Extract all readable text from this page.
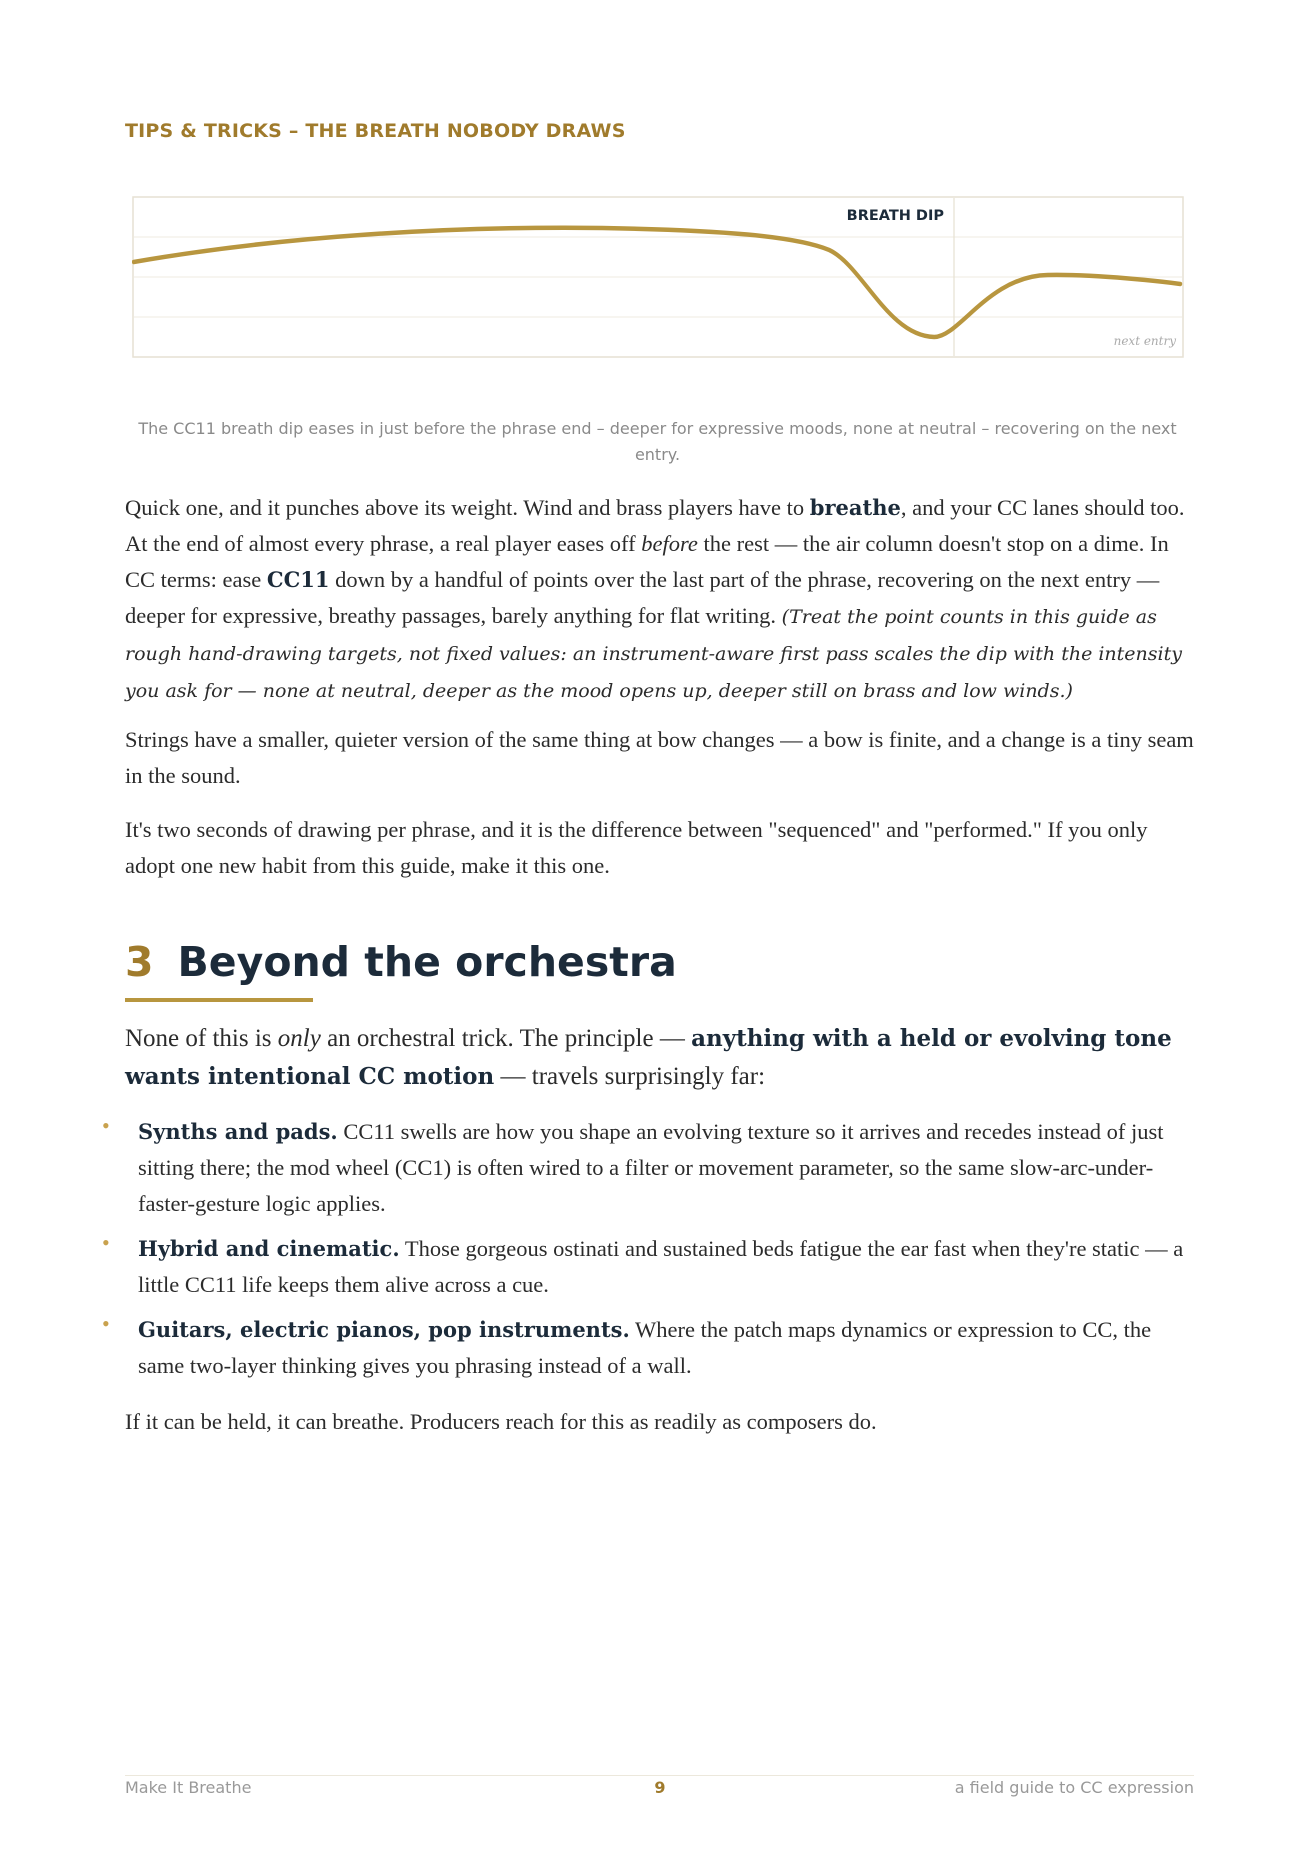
TIPS & TRICKS – THE BREATH NOBODY DRAWS
BREATH DIP
next entry
The CC11 breath dip eases in just before the phrase end – deeper for expressive moods, none at neutral – recovering on the next entry.
Quick one, and it punches above its weight. Wind and brass players have to breathe, and your CC lanes should too. At the end of almost every phrase, a real player eases off before the rest — the air column doesn't stop on a dime. In CC terms: ease CC11 down by a handful of points over the last part of the phrase, recovering on the next entry — deeper for expressive, breathy passages, barely anything for flat writing. (Treat the point counts in this guide as rough hand-drawing targets, not fixed values: an instrument-aware first pass scales the dip with the intensity you ask for — none at neutral, deeper as the mood opens up, deeper still on brass and low winds.)
Strings have a smaller, quieter version of the same thing at bow changes — a bow is finite, and a change is a tiny seam in the sound.
It's two seconds of drawing per phrase, and it is the difference between "sequenced" and "performed." If you only adopt one new habit from this guide, make it this one.
3 Beyond the orchestra
None of this is only an orchestral trick. The principle — anything with a held or evolving tone wants intentional CC motion — travels surprisingly far:
• Synths and pads. CC11 swells are how you shape an evolving texture so it arrives and recedes instead of just sitting there; the mod wheel (CC1) is often wired to a filter or movement parameter, so the same slow-arc-under-faster-gesture logic applies.
• Hybrid and cinematic. Those gorgeous ostinati and sustained beds fatigue the ear fast when they're static — a little CC11 life keeps them alive across a cue.
• Guitars, electric pianos, pop instruments. Where the patch maps dynamics or expression to CC, the same two-layer thinking gives you phrasing instead of a wall.
If it can be held, it can breathe. Producers reach for this as readily as composers do.
Make It Breathe	9	a field guide to CC expression
